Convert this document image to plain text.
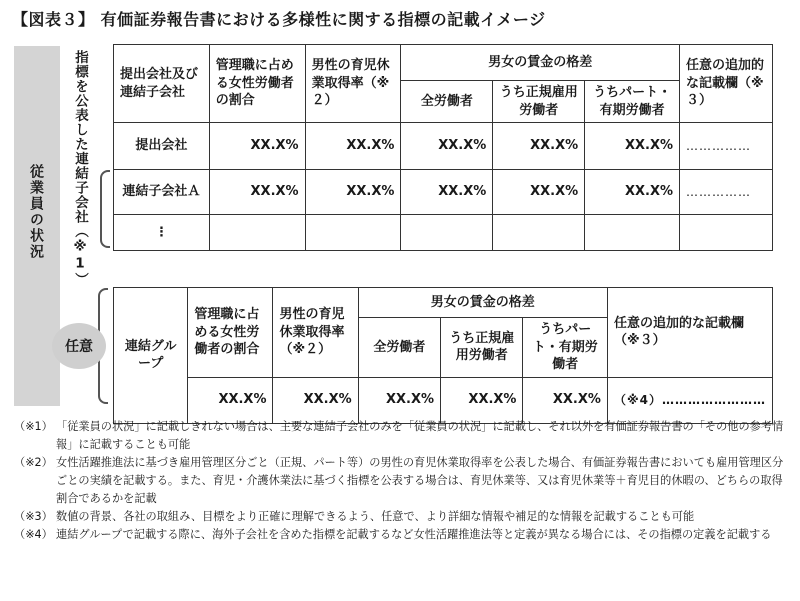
【図表３】 有価証券報告書における多様性に関する指標の記載イメージ
従業員の状況 指標を公表した連結子会社（※1）
任意
提出会社及び連結子会社	管理職に占める女性労働者の割合	男性の育児休業取得率（※２）	男女の賃金の格差			任意の追加的な記載欄（※３）
			全労働者	うち正規雇用労働者	うちパート・有期労働者	
提出会社	XX.X%	XX.X%	XX.X%	XX.X%	XX.X%	……………
連結子会社Ａ	XX.X%	XX.X%	XX.X%	XX.X%	XX.X%	……………
⋮						
連結グループ	管理職に占める女性労働者の割合	男性の育児休業取得率（※２）	男女の賃金の格差			任意の追加的な記載欄（※３）
			全労働者	うち正規雇用労働者	うちパート・有期労働者	
	XX.X%	XX.X%	XX.X%	XX.X%	XX.X%	（※4）……………………
（※1） 「従業員の状況」に記載しきれない場合は、主要な連結子会社のみを「従業員の状況」に記載し、それ以外を有価証券報告書の「その他の参考情報」に記載することも可能
（※2） 女性活躍推進法に基づき雇用管理区分ごと（正規、パート等）の男性の育児休業取得率を公表した場合、有価証券報告書においても雇用管理区分ごとの実績を記載する。また、育児・介護休業法に基づく指標を公表する場合は、育児休業等、又は育児休業等＋育児目的休暇の、どちらの取得割合であるかを記載
（※3） 数値の背景、各社の取組み、目標をより正確に理解できるよう、任意で、より詳細な情報や補足的な情報を記載することも可能
（※4） 連結グループで記載する際に、海外子会社を含めた指標を記載するなど女性活躍推進法等と定義が異なる場合には、その指標の定義を記載する
